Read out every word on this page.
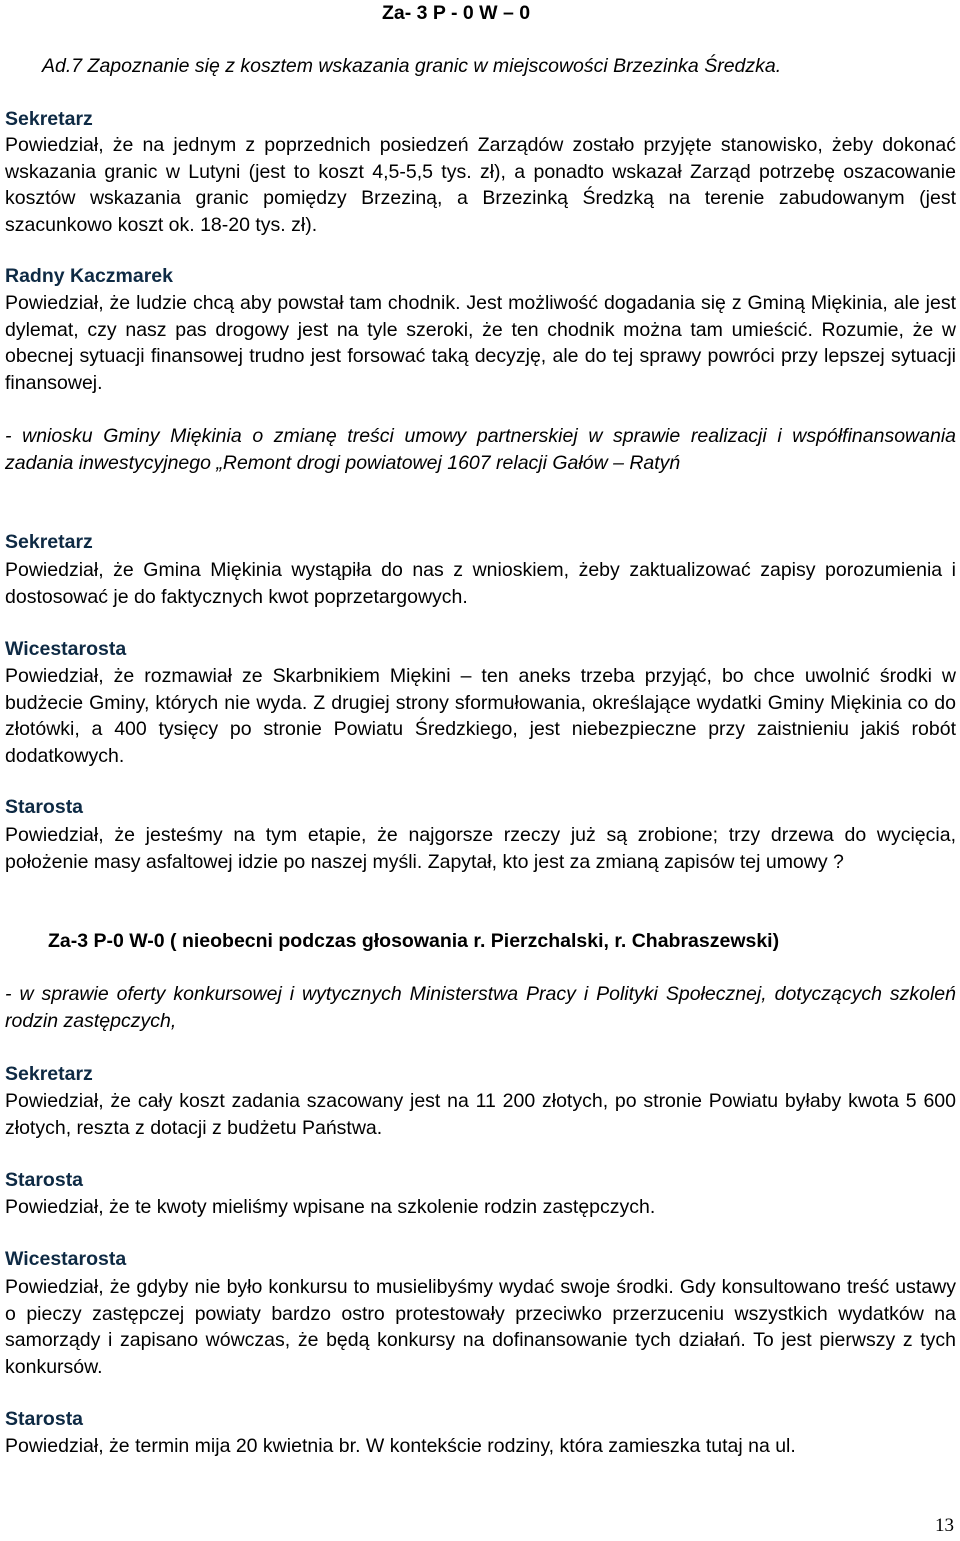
Za- 3 P - 0 W – 0

Ad.7 Zapoznanie się z kosztem wskazania granic w miejscowości Brzezinka Średzka.

Sekretarz

Powiedział, że na jednym z poprzednich posiedzeń Zarządów zostało przyjęte stanowisko, żeby dokonać wskazania granic w Lutyni (jest to koszt 4,5-5,5 tys. zł), a ponadto wskazał Zarząd potrzebę oszacowanie kosztów wskazania granic pomiędzy Brzeziną, a Brzezinką Średzką na terenie zabudowanym (jest szacunkowo koszt ok. 18-20 tys. zł).

Radny Kaczmarek

Powiedział, że ludzie chcą aby powstał tam chodnik. Jest możliwość dogadania się z Gminą Miękinia, ale jest dylemat, czy nasz pas drogowy jest na tyle szeroki, że ten chodnik można tam umieścić. Rozumie, że w obecnej sytuacji finansowej trudno jest forsować taką decyzję, ale do tej sprawy powróci przy lepszej sytuacji finansowej.

- wniosku Gminy Miękinia o zmianę treści umowy partnerskiej w sprawie realizacji i współfinansowania zadania inwestycyjnego „Remont drogi powiatowej 1607 relacji Gałów – Ratyń

Sekretarz

Powiedział, że Gmina Miękinia wystąpiła do nas z wnioskiem, żeby zaktualizować zapisy porozumienia i dostosować je do faktycznych kwot poprzetargowych.

Wicestarosta

Powiedział, że rozmawiał ze Skarbnikiem Miękini – ten aneks trzeba przyjąć, bo chce uwolnić środki w budżecie Gminy, których nie wyda. Z drugiej strony sformułowania, określające wydatki Gminy Miękinia co do złotówki, a 400 tysięcy po stronie Powiatu Średzkiego, jest niebezpieczne przy zaistnieniu jakiś robót dodatkowych.

Starosta

Powiedział, że jesteśmy na tym etapie, że najgorsze rzeczy już są zrobione; trzy drzewa do wycięcia, położenie masy asfaltowej idzie po naszej myśli. Zapytał, kto jest za zmianą zapisów tej umowy ?

Za-3 P-0 W-0 ( nieobecni podczas głosowania r. Pierzchalski, r. Chabraszewski)

- w sprawie oferty konkursowej i wytycznych Ministerstwa Pracy i Polityki Społecznej, dotyczących szkoleń rodzin zastępczych,

Sekretarz

Powiedział, że cały koszt zadania szacowany jest na 11 200 złotych, po stronie Powiatu byłaby kwota 5 600 złotych, reszta z dotacji z budżetu Państwa.

Starosta

Powiedział, że te kwoty mieliśmy wpisane na szkolenie rodzin zastępczych.

Wicestarosta

Powiedział, że gdyby nie było konkursu to musielibyśmy wydać swoje środki. Gdy konsultowano treść ustawy o pieczy zastępczej powiaty bardzo ostro protestowały przeciwko przerzuceniu wszystkich wydatków na samorządy i zapisano wówczas, że będą konkursy na dofinansowanie tych działań. To jest pierwszy z tych konkursów.

Starosta

Powiedział, że termin mija 20 kwietnia br. W kontekście rodziny, która zamieszka tutaj na ul.

13
